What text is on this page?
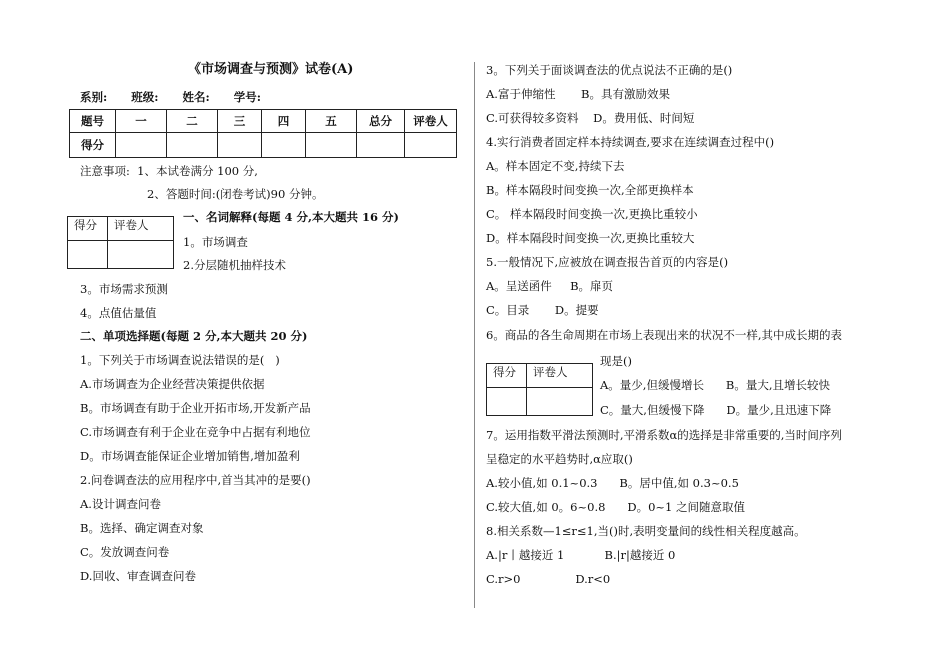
《市场调查与预测》试卷(A)
系别:   班级:   姓名:   学号:
题号	一	二	三	四	五	总分	评卷人
得分							
注意事项:  1、本试卷满分 100 分,
2、答题时间:(闭卷考试)90 分钟。
得分	评卷人

一、名词解释(每题 4 分,本大题共 16 分)
1。市场调查
2.分层随机抽样技术
3。市场需求预测
4。点值估量值
二、单项选择题(每题 2 分,本大题共 20 分)
1。下列关于市场调查说法错误的是(   )
A.市场调查为企业经营决策提供依据
B。市场调查有助于企业开拓市场,开发新产品
C.市场调查有利于企业在竞争中占据有利地位
D。市场调查能保证企业增加销售,增加盈利
2.问卷调查法的应用程序中,首当其冲的是要()
A.设计调查问卷
B。选择、确定调查对象
C。发放调查问卷
D.回收、审查调查问卷
3。下列关于面谈调查法的优点说法不正确的是()
A.富于伸缩性       B。具有激励效果
C.可获得较多资料    D。费用低、时间短
4.实行消费者固定样本持续调查,要求在连续调查过程中()
A。样本固定不变,持续下去
B。样本隔段时间变换一次,全部更换样本
C。 样本隔段时间变换一次,更换比重较小
D。样本隔段时间变换一次,更换比重较大
5.一般情况下,应被放在调查报告首页的内容是()
A。呈送函件     B。扉页
C。目录       D。提要
6。商品的各生命周期在市场上表现出来的状况不一样,其中成长期的表
得分	评卷人

现是()
A。量少,但缓慢增长      B。量大,且增长较快
C。量大,但缓慢下降      D。量少,且迅速下降
7。运用指数平滑法预测时,平滑系数α的选择是非常重要的,当时间序列
呈稳定的水平趋势时,α应取()
A.较小值,如 0.1~0.3      B。居中值,如 0.3~0.5
C.较大值,如 0。6~0.8      D。0~1 之间随意取值
8.相关系数—1≤r≤1,当()时,表明变量间的线性相关程度越高。
A.|r丨越接近 1           B.|r|越接近 0
C.r>0               D.r<0
